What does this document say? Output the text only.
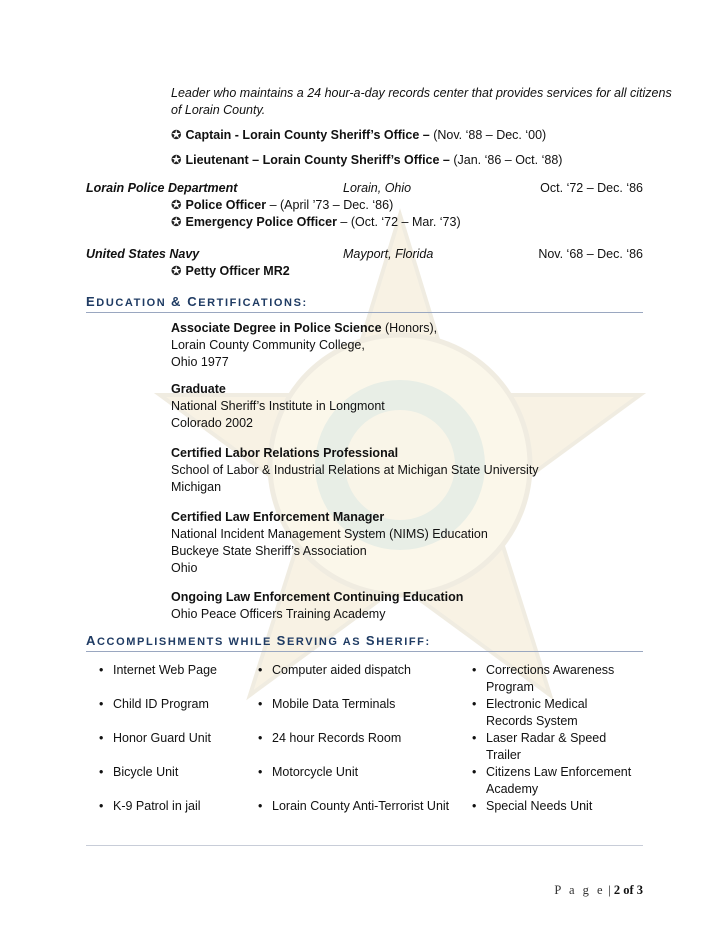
Leader who maintains a 24 hour-a-day records center that provides services for all citizens
of Lorain County.
✪ Captain - Lorain County Sheriff’s Office – (Nov. ‘88 – Dec. ‘00)
✪ Lieutenant – Lorain County Sheriff’s Office – (Jan. ‘86 – Oct. ‘88)
Lorain Police Department	Lorain, Ohio	Oct. ‘72 – Dec. ‘86
✪ Police Officer – (April ’73 – Dec. ‘86)
✪ Emergency Police Officer – (Oct. ‘72 – Mar. ‘73)
United States Navy	Mayport, Florida	Nov. ‘68 – Dec. ‘86
✪ Petty Officer MR2
EDUCATION & CERTIFICATIONS:
Associate Degree in Police Science (Honors),
Lorain County Community College,
Ohio 1977
Graduate
National Sheriff’s Institute in Longmont
Colorado 2002
Certified Labor Relations Professional
School of Labor & Industrial Relations at Michigan State University
Michigan
Certified Law Enforcement Manager
National Incident Management System (NIMS) Education
Buckeye State Sheriff’s Association
Ohio
Ongoing Law Enforcement Continuing Education
Ohio Peace Officers Training Academy
ACCOMPLISHMENTS WHILE SERVING AS SHERIFF:
• Internet Web Page
• Child ID Program
• Honor Guard Unit
• Bicycle Unit
• K-9 Patrol in jail
• Computer aided dispatch
• Mobile Data Terminals
• 24 hour Records Room
• Motorcycle Unit
• Lorain County Anti-Terrorist Unit
• Corrections Awareness Program
• Electronic Medical Records System
• Laser Radar & Speed Trailer
• Citizens Law Enforcement Academy
• Special Needs Unit
P a g e | 2 of 3
